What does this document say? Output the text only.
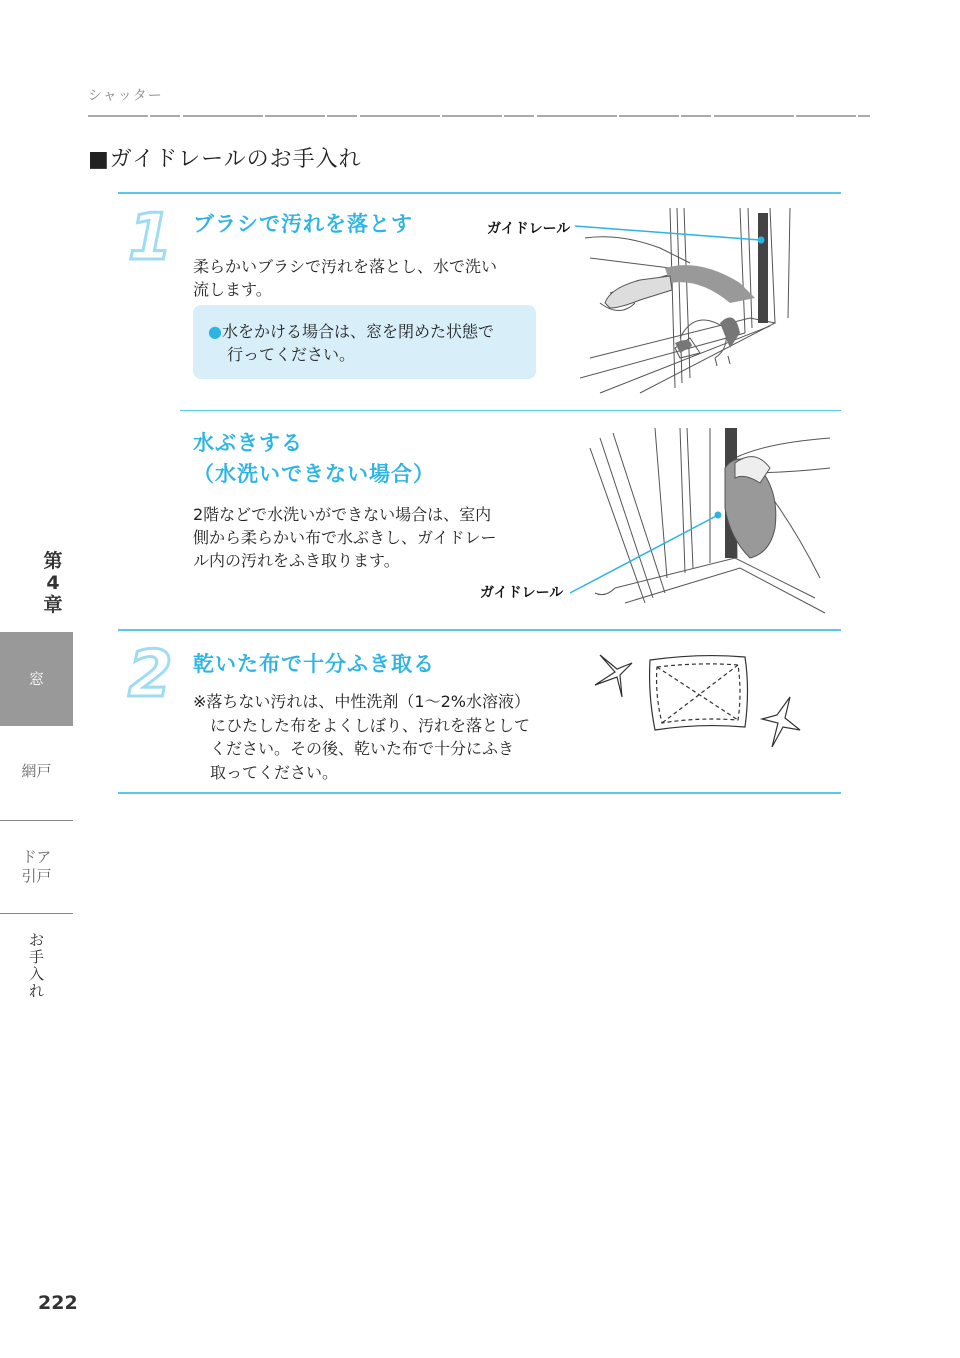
シャッター
■ガイドレールのお手入れ
1 ブラシで汚れを落とす
柔らかいブラシで汚れを落とし、水で洗い
流します。
●水をかける場合は、窓を閉めた状態で
行ってください。
ガイドレール
水ぶきする
（水洗いできない場合）
2階などで水洗いができない場合は、室内
側から柔らかい布で水ぶきし、ガイドレー
ル内の汚れをふき取ります。
ガイドレール
2 乾いた布で十分ふき取る
※落ちない汚れは、中性洗剤（1〜2%水溶液）
にひたした布をよくしぼり、汚れを落として
ください。その後、乾いた布で十分にふき
取ってください。
第
4
章
窓
網戸
ドア
引戸
お
手
入
れ
222
